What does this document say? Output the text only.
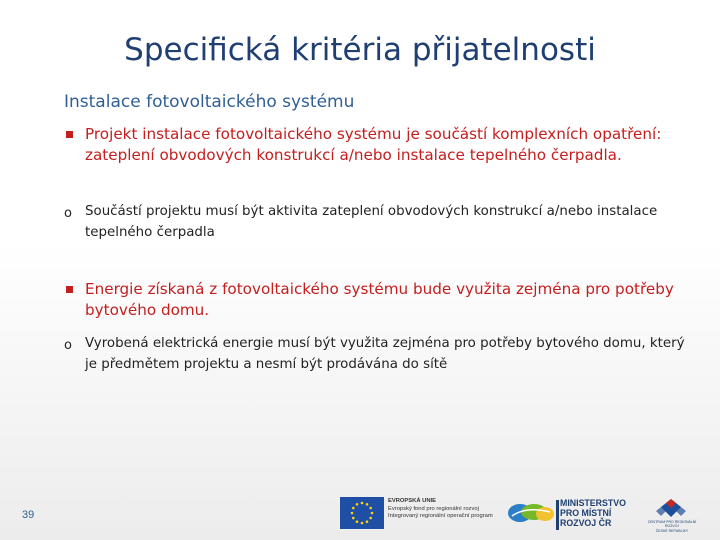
Specifická kritéria přijatelnosti
Instalace fotovoltaického systému
Projekt instalace fotovoltaického systému je součástí komplexních opatření: zateplení obvodových konstrukcí a/nebo instalace tepelného čerpadla.
o Součástí projektu musí být aktivita zateplení obvodových konstrukcí a/nebo instalace tepelného čerpadla
Energie získaná z fotovoltaického systému bude využita zejména pro potřeby bytového domu.
o Vyrobená elektrická energie musí být využita zejména pro potřeby bytového domu, který je předmětem projektu a nesmí být prodávána do sítě
39
EVROPSKÁ UNIE
Evropský fond pro regionální rozvoj
Integrovaný regionální operační program
MINISTERSTVO
PRO MÍSTNÍ
ROZVOJ ČR	CENTRUM PRO REGIONÁLNÍ ROZVOJ
ČESKÉ REPUBLIKY
